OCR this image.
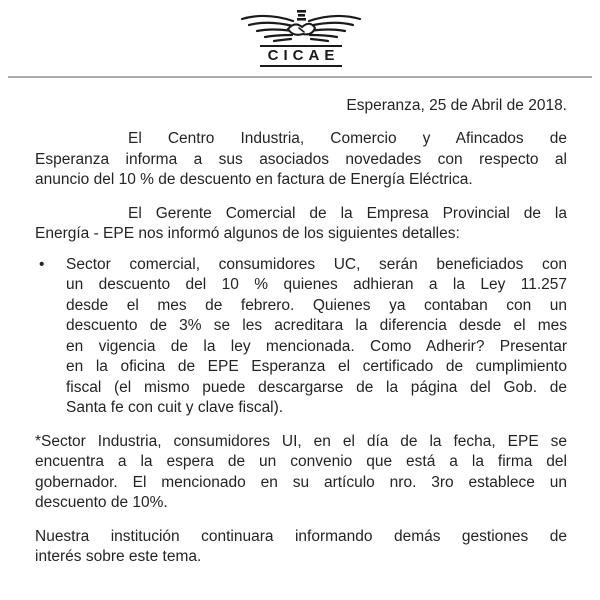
CICAE
Esperanza, 25 de Abril de 2018.
El Centro Industria, Comercio y Afincados de
Esperanza informa a sus asociados novedades con respecto al
anuncio del 10 % de descuento en factura de Energía Eléctrica.
El Gerente Comercial de la Empresa Provincial de la
Energía - EPE nos informó algunos de los siguientes detalles:
•	Sector comercial, consumidores UC, serán beneficiados con
un descuento del 10 % quienes adhieran a la Ley 11.257
desde el mes de febrero. Quienes ya contaban con un
descuento de 3% se les acreditara la diferencia desde el mes
en vigencia de la ley mencionada. Como Adherir? Presentar
en la oficina de EPE Esperanza el certificado de cumplimiento
fiscal (el mismo puede descargarse de la página del Gob. de
Santa fe con cuit y clave fiscal).
*Sector Industria, consumidores UI, en el día de la fecha, EPE se
encuentra a la espera de un convenio que está a la firma del
gobernador. El mencionado en su artículo nro. 3ro establece un
descuento de 10%.
Nuestra institución continuara informando demás gestiones de
interés sobre este tema.
